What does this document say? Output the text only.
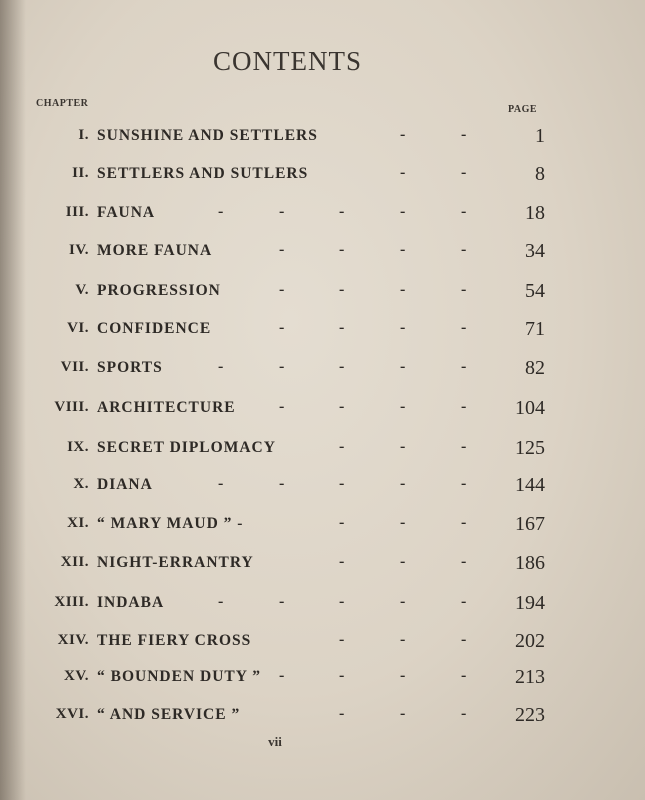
CONTENTS
CHAPTER
PAGE
I. SUNSHINE AND SETTLERS	-	-	1
II. SETTLERS AND SUTLERS	-	-	8
III. FAUNA	-	-	-	-	-	18
IV. MORE FAUNA	-	-	-	-	34
V. PROGRESSION	-	-	-	-	54
VI. CONFIDENCE	-	-	-	-	71
VII. SPORTS	-	-	-	-	-	82
VIII. ARCHITECTURE	-	-	-	-	104
IX. SECRET DIPLOMACY	-	-	-	125
X. DIANA	-	-	-	-	-	144
XI. “ MARY MAUD ” -	-	-	-	167
XII. NIGHT-ERRANTRY	-	-	-	186
XIII. INDABA	-	-	-	-	-	194
XIV. THE FIERY CROSS	-	-	-	202
XV. “ BOUNDEN DUTY ” -	-	-	-	213
XVI. “ AND SERVICE ”	-	-	-	223
vii
